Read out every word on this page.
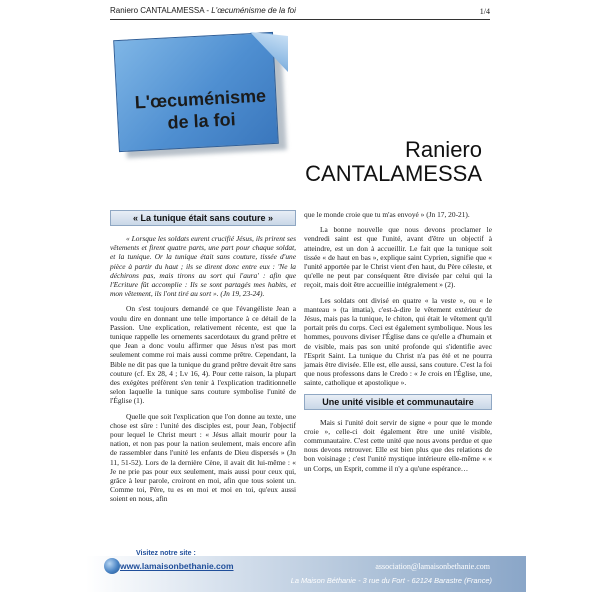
Raniero CANTALAMESSA - L'œcuménisme de la foi	1/4
L'œcuménisme
de la foi
Raniero
CANTALAMESSA
« La tunique était sans couture »

« Lorsque les soldats eurent crucifié Jésus, ils prirent ses vêtements et firent quatre parts, une part pour chaque soldat, et la tunique. Or la tunique était sans couture, tissée d'une pièce à partir du haut ; ils se dirent donc entre eux : 'Ne la déchirons pas, mais tirons au sort qui l'aura' : afin que l'Ecriture fût accomplie : Ils se sont partagés mes habits, et mon vêtement, ils l'ont tiré au sort ». (Jn 19, 23-24).

On s'est toujours demandé ce que l'évangéliste Jean a voulu dire en donnant une telle importance à ce détail de la Passion. Une explication, relativement récente, est que la tunique rappelle les ornements sacerdotaux du grand prêtre et que Jean a donc voulu affirmer que Jésus n'est pas mort seulement comme roi mais aussi comme prêtre. Cependant, la Bible ne dit pas que la tunique du grand prêtre devait être sans couture (cf. Ex 28, 4 ; Lv 16, 4). Pour cette raison, la plupart des exégètes préfèrent s'en tenir à l'explication traditionnelle selon laquelle la tunique sans couture symbolise l'unité de l'Église (1).

Quelle que soit l'explication que l'on donne au texte, une chose est sûre : l'unité des disciples est, pour Jean, l'objectif pour lequel le Christ meurt : « Jésus allait mourir pour la nation, et non pas pour la nation seulement, mais encore afin de rassembler dans l'unité les enfants de Dieu dispersés » (Jn 11, 51-52). Lors de la dernière Cène, il avait dit lui-même : « Je ne prie pas pour eux seulement, mais aussi pour ceux qui, grâce à leur parole, croiront en moi, afin que tous soient un. Comme toi, Père, tu es en moi et moi en toi, qu'eux aussi soient en nous, afin

que le monde croie que tu m'as envoyé » (Jn 17, 20-21).

La bonne nouvelle que nous devons proclamer le vendredi saint est que l'unité, avant d'être un objectif à atteindre, est un don à accueillir. Le fait que la tunique soit tissée « de haut en bas », explique saint Cyprien, signifie que « l'unité apportée par le Christ vient d'en haut, du Père céleste, et qu'elle ne peut par conséquent être divisée par celui qui la reçoit, mais doit être accueillie intégralement » (2).

Les soldats ont divisé en quatre « la veste », ou « le manteau » (ta imatia), c'est-à-dire le vêtement extérieur de Jésus, mais pas la tunique, le chiton, qui était le vêtement qu'il portait près du corps. Ceci est également symbolique. Nous les hommes, pouvons diviser l'Église dans ce qu'elle a d'humain et de visible, mais pas son unité profonde qui s'identifie avec l'Esprit Saint. La tunique du Christ n'a pas été et ne pourra jamais être divisée. Elle est, elle aussi, sans couture. C'est la foi que nous professons dans le Credo : « Je crois en l'Église, une, sainte, catholique et apostolique ».

Une unité visible et communautaire

Mais si l'unité doit servir de signe « pour que le monde croie », celle-ci doit également être une unité visible, communautaire. C'est cette unité que nous avons perdue et que nous devons retrouver. Elle est bien plus que des relations de bon voisinage ; c'est l'unité mystique intérieure elle-même « « un Corps, un Esprit, comme il n'y a qu'une espérance…

Visitez notre site :
www.lamaisonbethanie.com	association@lamaisonbethanie.com
La Maison Béthanie - 3 rue du Fort - 62124 Barastre (France)
